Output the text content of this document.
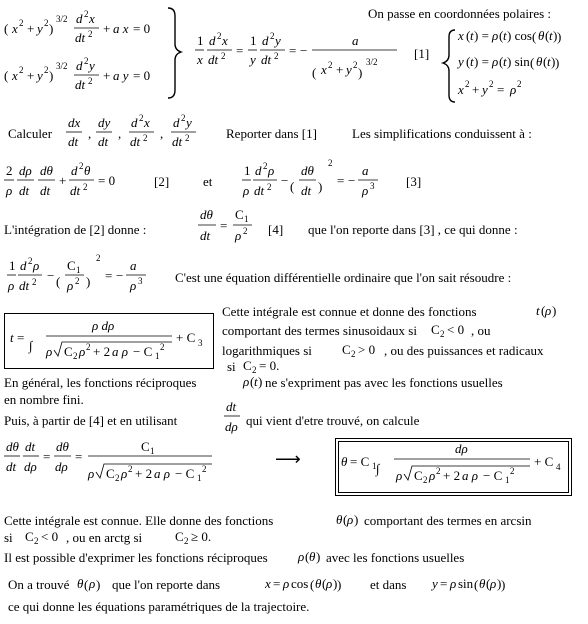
( x 2 + y 2 )
3/2 d 2 x
dt 2 + a x = 0
( x 2 + y 2 )
3/2 d 2 y
dt 2 + a y = 0
1
x
d 2 x
dt 2 =
1
y
d 2 y
dt 2 = −
a
( x 2 + y 2 )
3/2
x ( t ) = ρ ( t ) cos ( θ ( t ) )
y ( t ) = ρ ( t ) sin ( θ ( t ) )
x 2 + y 2 = ρ 2
dx
dt
,
dy
dt
,
d 2 x
dt 2 ,
d 2 y
dt 2
2
ρ
dρ
dt
dθ
dt
+
d 2 θ
dt 2 = 0
1
ρ
d 2 ρ
dt 2 − (
dθ
dt )
2
= −
a
ρ 3
dθ
dt
=
C 1
ρ 2
1
ρ
d 2 ρ
dt 2 − (
C 1
ρ 2 )
2
= −
a
ρ 3
t =
∫
ρ dρ
ρ C 2 ρ 2 + 2 a ρ − C 1
2
+ C 3
dθ
dt
dt
dρ
=
dθ
dρ
=
C 1
ρ C 2 ρ 2 + 2 a ρ − C 1
2	θ = C 1 ∫
dρ
ρ C 2 ρ 2 + 2 a ρ − C 1
2
+ C 4
dt
dρ
t ( ρ )
C 2 < 0
C 2 > 0
C 2 = 0.
ρ ( t )
θ ( ρ )
C 2 < 0	C 2 ≥ 0.
ρ ( θ )
θ ( ρ )	x = ρ cos ( θ ( ρ ) )	y = ρ sin ( θ ( ρ ) )
On passe en coordonnées polaires :
[1]
Calculer	Reporter dans [1]	Les simplifications conduissent à :
[2]	et	[3]
L'intégration de [2] donne :	[4] que l'on reporte dans [3] , ce qui donne :
C'est une équation différentielle ordinaire que l'on sait résoudre :
Cette intégrale est connue et donne des fonctions
comportant des termes sinusoidaux si	, ou
logarithmiques si	, ou des puissances et radicaux
si
En général, les fonctions réciproques	ne s'expriment pas avec les fonctions usuelles
en nombre fini.
Puis, à partir de [4] et en utilisant	qui vient d'etre trouvé, on calcule
⟶
Cette intégrale est connue. Elle donne des fonctions	comportant des termes en arcsin
si	, ou en arctg si
Il est possible d'exprimer les fonctions réciproques	avec les fonctions usuelles
On a trouvé	que l'on reporte dans	et dans
ce qui donne les équations paramétriques de la trajectoire.
